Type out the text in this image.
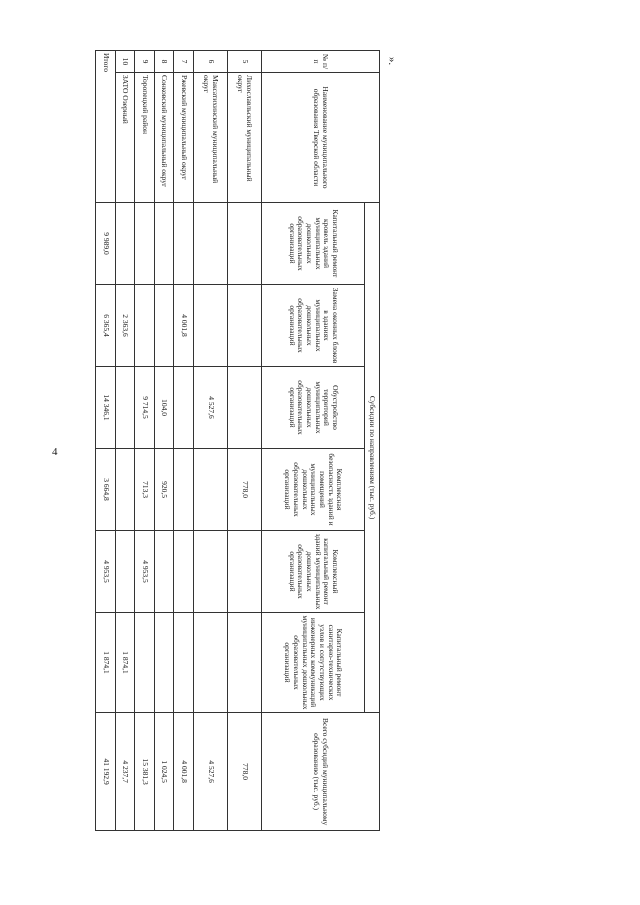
4
».
№ п/п	Наименование муниципального образования Тверской области	Субсидии по направлениям (тыс. руб.)						Всего субсидий муниципальному образованию (тыс. руб.)
		Капитальный ремонт кровель зданий муниципальных дошкольных образовательных организаций	Замена оконных блоков в зданиях муниципальных дошкольных образовательных организаций	Обустройство территорий муниципальных дошкольных образовательных организаций	Комплексная безопасность зданий и помещений муниципальных дошкольных образовательных организаций	Комплексный капитальный ремонт зданий муниципальных дошкольных образовательных организаций	Капитальный ремонт санитарно-технических узлов и сопутствующих инженерных коммуникаций муниципальных дошкольных образовательных организаций	
5	Лихославльский муниципальный округ				778,0			778,0
6	Максатихинский муниципальный округ			4 527,6				4 527,6
7	Ржевский муниципальный округ		4 001,8					4 001,8
8	Сонковский муниципальный округ			104,0	920,5			1 024,5
9	Торопецкий район			9 714,5	713,3	4 953,5		15 381,3
10	ЗАТО Озерный		2 363,6				1 874,1	4 237,7
Итого		9 989,0	6 365,4	14 346,1	3 664,8	4 953,5	1 874,1	41 192,9
